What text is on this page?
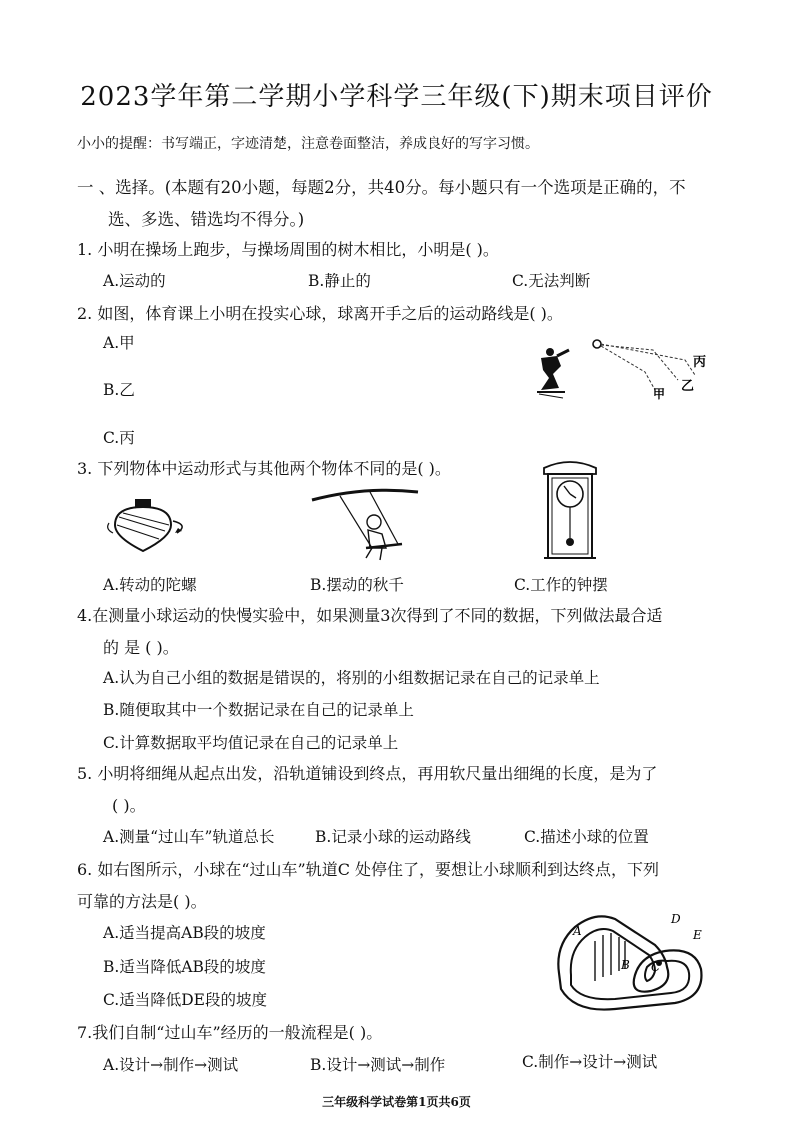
2023学年第二学期小学科学三年级(下)期末项目评价
小小的提醒：书写端正，字迹清楚，注意卷面整洁，养成良好的写字习惯。
一 、选择。(本题有20小题，每题2分，共40分。每小题只有一个选项是正确的，不
选、多选、错选均不得分。)
1. 小明在操场上跑步，与操场周围的树木相比，小明是( )。
A.运动的	B.静止的	C.无法判断
2. 如图，体育课上小明在投实心球，球离开手之后的运动路线是( )。
A.甲
B.乙
C.丙
丙
乙
甲
3. 下列物体中运动形式与其他两个物体不同的是( )。
A.转动的陀螺	B.摆动的秋千	C.工作的钟摆
4.在测量小球运动的快慢实验中，如果测量3次得到了不同的数据，下列做法最合适
的 是 ( )。
A.认为自己小组的数据是错误的，将别的小组数据记录在自己的记录单上
B.随便取其中一个数据记录在自己的记录单上
C.计算数据取平均值记录在自己的记录单上
5. 小明将细绳从起点出发，沿轨道铺设到终点，再用软尺量出细绳的长度，是为了
( )。
A.测量“过山车”轨道总长	B.记录小球的运动路线	C.描述小球的位置
6. 如右图所示，小球在“过山车”轨道C 处停住了，要想让小球顺利到达终点，下列
可靠的方法是( )。
A.适当提高AB段的坡度
B.适当降低AB段的坡度
C.适当降低DE段的坡度
A
B C
D
E
7.我们自制“过山车”经历的一般流程是( )。
A.设计→制作→测试	B.设计→测试→制作	C.制作→设计→测试
三年级科学试卷第1页共6页
